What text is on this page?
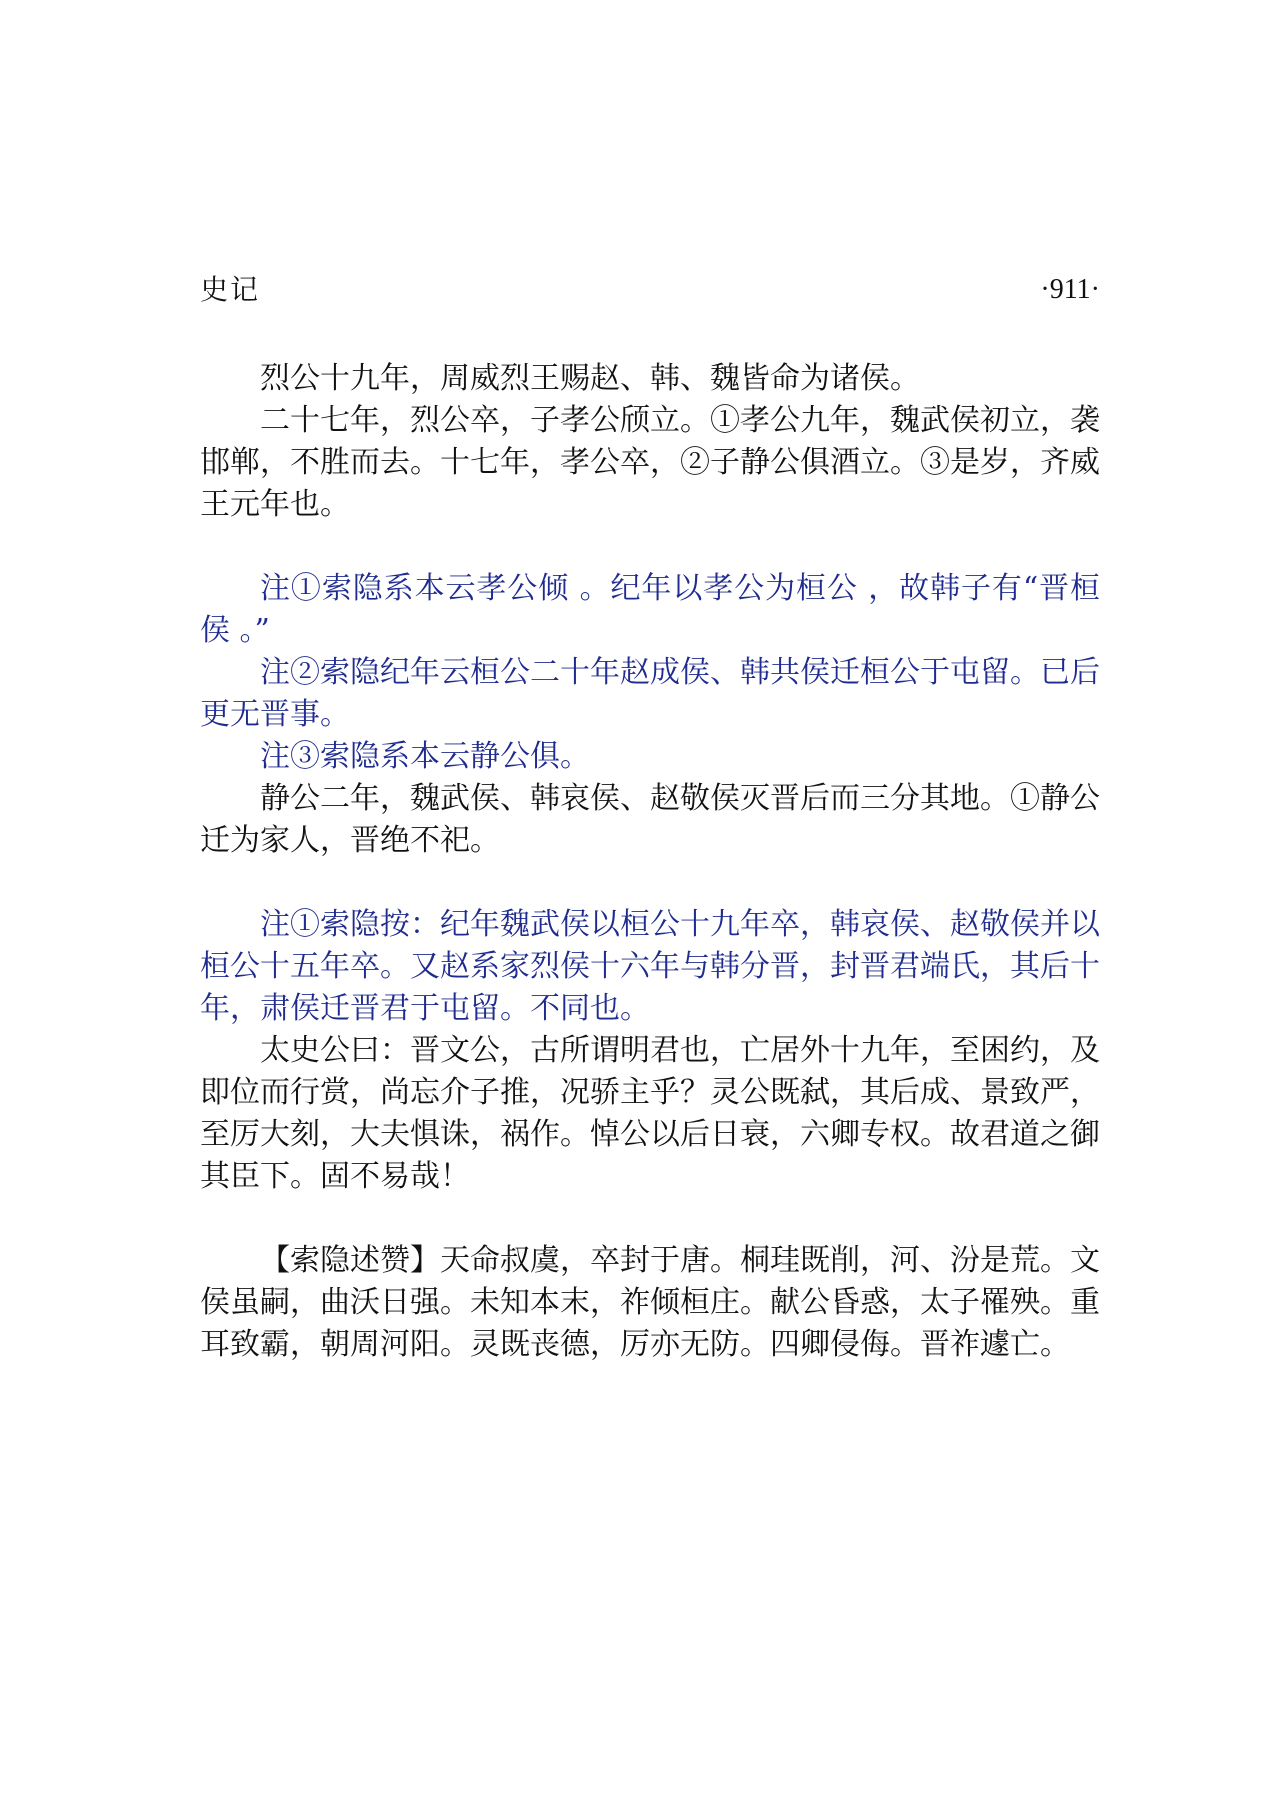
史记	·911·

烈公十九年，周威烈王赐赵、韩、魏皆命为诸侯。

二十七年，烈公卒，子孝公颀立。①孝公九年，魏武侯初立，袭邯郸，不胜而去。十七年，孝公卒，②子静公俱酒立。③是岁，齐威王元年也。

注①索隐系本云孝公倾 。纪年以孝公为桓公 ，故韩子有“晋桓侯 。”

注②索隐纪年云桓公二十年赵成侯、韩共侯迁桓公于屯留。已后更无晋事。

注③索隐系本云静公俱。

静公二年，魏武侯、韩哀侯、赵敬侯灭晋后而三分其地。①静公迁为家人，晋绝不祀。

注①索隐按：纪年魏武侯以桓公十九年卒，韩哀侯、赵敬侯并以桓公十五年卒。又赵系家烈侯十六年与韩分晋，封晋君端氏，其后十年，肃侯迁晋君于屯留。不同也。

太史公曰：晋文公，古所谓明君也，亡居外十九年，至困约，及即位而行赏，尚忘介子推，况骄主乎？灵公既弑，其后成、景致严，至厉大刻，大夫惧诛，祸作。悼公以后日衰，六卿专权。故君道之御其臣下。固不易哉！

【索隐述赞】天命叔虞，卒封于唐。桐珪既削，河、汾是荒。文侯虽嗣，曲沃日强。未知本末，祚倾桓庄。献公昏惑，太子罹殃。重耳致霸，朝周河阳。灵既丧德，厉亦无防。四卿侵侮。晋祚遽亡。
